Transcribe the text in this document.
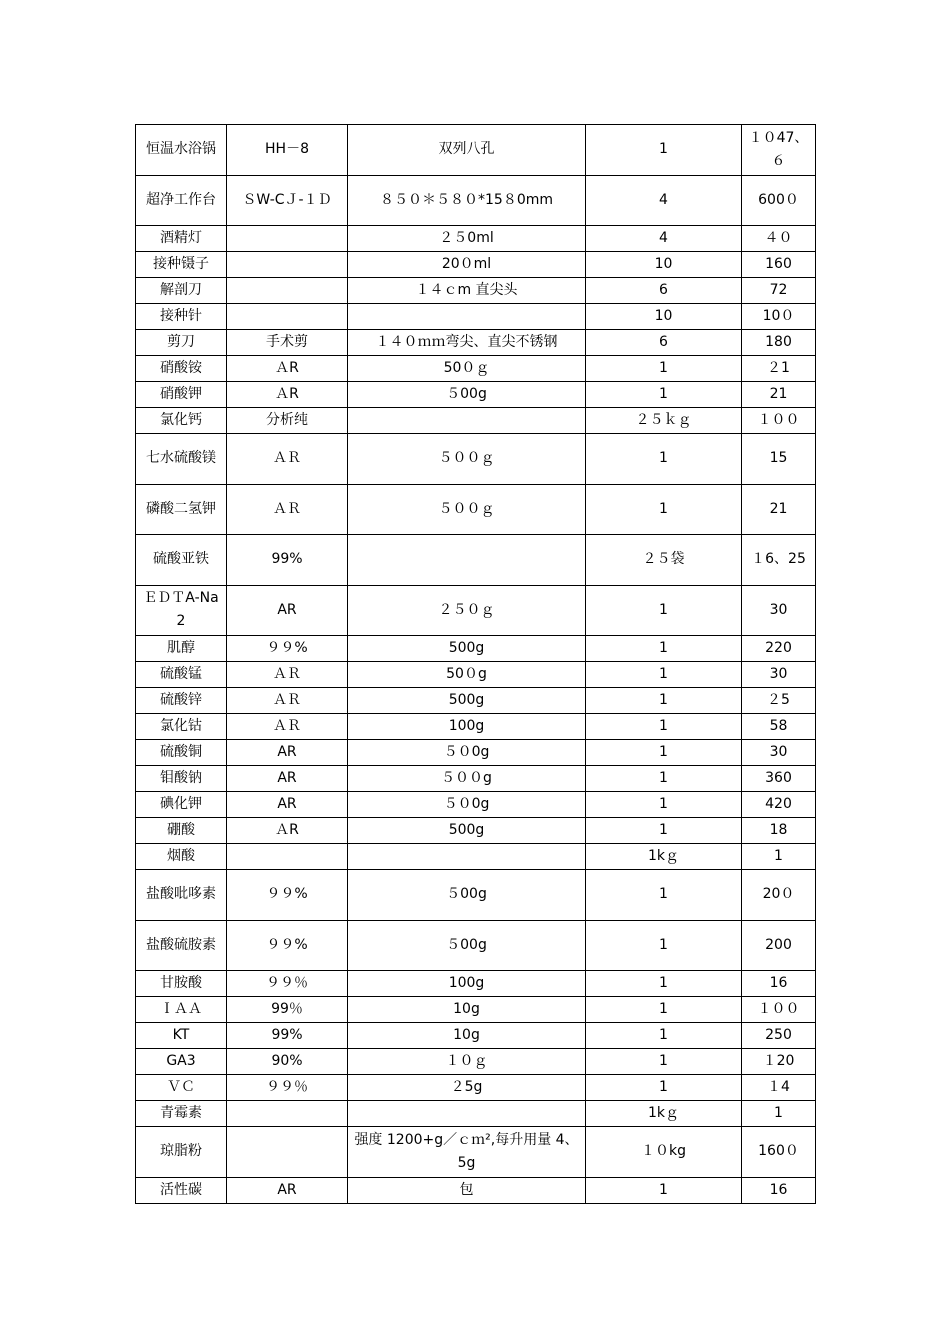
恒温水浴锅	HH－8	双列八孔	1	１０47、６
超净工作台	ＳW-CＪ-１Ｄ	８５０＊５８０*15８0mm	4	600０
酒精灯		２５0ml	4	４０
接种镊子		20０ml	10	160
解剖刀		１４ｃm 直尖头	6	72
接种针			10	10０
剪刀	手术剪	１４０ｍｍ弯尖、直尖不锈钢	6	180
硝酸铵	ＡR	50０ｇ	1	２1
硝酸钾	ＡR	５00g	1	21
氯化钙	分析纯		２５ｋｇ	１００
七水硫酸镁	ＡＲ	５００ｇ	1	15
磷酸二氢钾	ＡＲ	５００ｇ	1	21
硫酸亚铁	99%		２５袋	１6、25
ＥＤＴA-Na2	AR	２５０ｇ	1	30
肌醇	９９%	500g	1	220
硫酸锰	ＡＲ	50０g	1	30
硫酸锌	ＡＲ	500g	1	２5
氯化钴	ＡＲ	100g	1	58
硫酸铜	AR	５０0g	1	30
钼酸钠	AR	５００g	1	360
碘化钾	AR	５０0g	1	420
硼酸	ＡR	500g	1	18
烟酸			1kｇ	1
盐酸吡哆素	９９%	５00g	1	20０
盐酸硫胺素	９９%	５00g	1	200
甘胺酸	９９％	100g	1	16
ＩＡＡ	99％	10g	1	１００
KT	99%	10g	1	250
GA3	90%	１０ｇ	1	１20
ＶＣ	９９％	２5g	1	１4
青霉素			1kｇ	1
琼脂粉		强度 1200+g／ｃｍ²,每升用量 4、5g	１０kg	160０
活性碳	AR	包	1	16
